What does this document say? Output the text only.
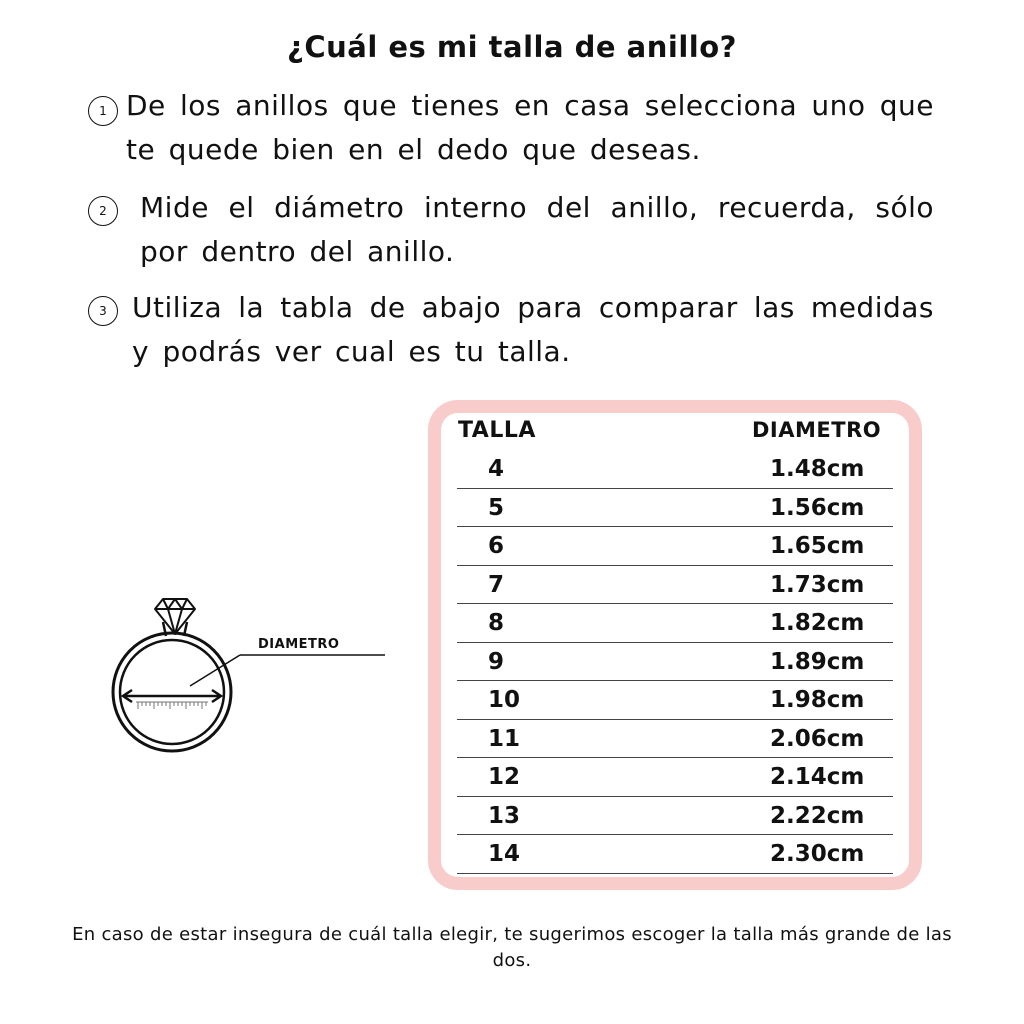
¿Cuál es mi talla de anillo?
1 De los anillos que tienes en casa selecciona uno que te quede bien en el dedo que deseas.

2	Mide el diámetro interno del anillo, recuerda, sólo por dentro del anillo.

3 Utiliza la tabla de abajo para comparar las medidas y podrás ver cual es tu talla.

DIAMETRO
TALLA	DIAMETRO
4	1.48cm
5	1.56cm
6	1.65cm
7	1.73cm
8	1.82cm
9	1.89cm
10	1.98cm
11	2.06cm
12	2.14cm
13	2.22cm
14	2.30cm

En caso de estar insegura de cuál talla elegir, te sugerimos escoger la talla más grande de las dos.
